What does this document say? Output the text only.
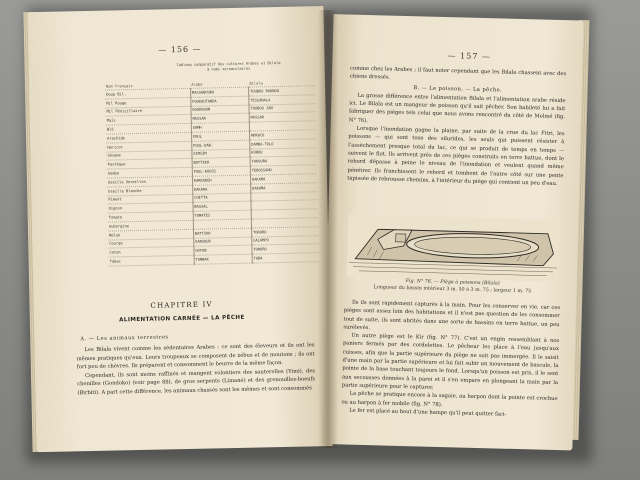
— 156 —
Tableau comparatif des cultures Arabes et Bilala
à noms vernaculaires
Nom français	Arabe	Bilala
Doup Bil.	MASSABOURA	TOUBOU ROUBOU
Mil Rouge	FOUKOUTANDA	TESSANALA
Mil Pénicillaire	DOUKHOUN	TOUBOU JAN
Maïs	MASSAR	MASSAR
Blé	GAMH	
Arachide	FOUL	MOROCO
Haricot	FOUL-DAB.	DAMBA-TOLO
Sésame	SIMSIM	KOROU
Pastèque	BATTIKH	TAKOURA
Gombo	FOUL-KOUSS	TEBOSSANO
Oseille Vermillon	KARKADEH	DAKAMA
Oseille Blanche	DAKARA	DAKAMA
Piment	CHITTA	
Oignon	BASSAL	
Tomate	TOMATES	
Aubergine		
Melon	BATTIKH	TORORO
Courge	GARGOUR	GALAMPO
Coton	GOTON	TORORO
Tabac	TOMBAK	TABA
CHAPITRE IV
ALIMENTATION CARNÉE — LA PÊCHE
A. — Les animaux terrestres

Les Bilala vivent comme les sédentaires Arabes : ce sont des éleveurs et ils ont les mêmes pratiques qu'eux. Leurs troupeaux se composent de zébus et de moutons ; ils ont fort peu de chèvres. Ils préparent et consomment le beurre de la même façon.

Cependant, ils sont moins raffinés et mangent volontiers des sauterelles (Yimi), des chenilles (Gondoko) (voir page 88), de gros serpents (Limané) et des grenouilles-boeufs (Birbiti). A part cette différence, les animaux chassés sont les mêmes et sont consommés

— 157 —

comme chez les Arabes ; il faut noter cependant que les Bilala chassent avec des chiens dressés.

B. — Le poisson. — La pêche.

La grosse différence entre l'alimentation Bilala et l'alimentation arabe réside ici. Le Bilala est un mangeur de poisson qu'il sait pêcher. Son habileté lui a fait fabriquer des pièges tels celui que nous avons rencontré du côté de Melmé (fig. N° 76).

Lorsque l'inondation gagne la plaine, par suite de la crue du lac Fitri, les poissons — qui sont tous des silurides, les seuls qui puissent résister à l'assèchement presque total du lac, ce qui se produit de temps en temps — suivent le flot. Ils arrivent près de ces pièges construits en terre battue, dont le rebord dépasse à peine le niveau de l'inondation et veulent quand même pénétrer. Ils franchissent le rebord et tombent de l'autre côté sur une pente tapissée de rebrousse chemins, à l'intérieur du piège qui contient un peu d'eau.

Fig. N° 76. — Piège à poissons (Bilala)
Longueur du bassin intérieur 3 m. 50 à 3 m. 75 ; largeur 1 m. 75

Ils ils sont rapidement capturés à la main. Pour les conserver en vie, car ces pièges sont assez loin des habitations et il n'est pas question de les consommer tout de suite, ils sont abrités dans une sorte de bassins en terre battue, un peu surélevés.

Un autre piège est le Kir (fig. N° 77). C'est un engin ressemblant à nos paniers fermés par des cordelettes. Le pêcheur les place à l'eau jusqu'aux cuisses, afin que la partie supérieure du piège ne soit pas immergée. Il le saisit d'une main par la partie supérieure et lui fait subir un mouvement de bascule, la pointe de la base touchant toujours le fond. Lorsqu'un poisson est pris, il le sent aux secousses données à la paroi et il s'en empare en plongeant la main par la partie supérieure pour le capturer.

La pêche se pratique encore à la sagaie, au harpon dont la pointe est crochue ou au harpon à fer mobile (fig. N° 78).

Le fer est placé au bout d'une hampe qu'il peut quitter faci-
